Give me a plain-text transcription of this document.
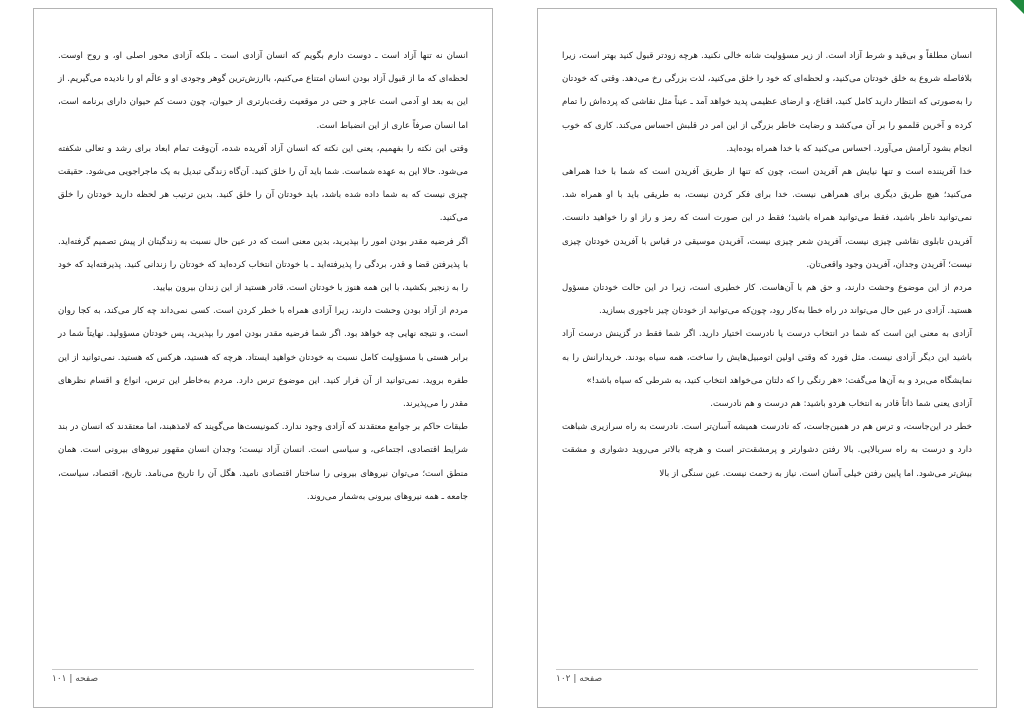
انسان نه تنها آزاد است ـ دوست دارم بگویم که انسان آزادی است ـ بلکه آزادی محور اصلی او، و روح اوست. لحظه‌ای که ما از قبول آزاد بودن انسان امتناع می‌کنیم، با‌ارزش‌ترین گوهر وجودی او و عالَم او را نادیده می‌گیریم. از این به بعد او آدمی است عاجز و حتی در موقعیت رقت‌بارتری از حیوان، چون دست کم حیوان دارای برنامه است، اما انسان صرفاً عاری از این انضباط است.

وقتی این نکته را بفهمیم، یعنی این نکته که انسان آزاد آفریده شده، آن‌وقت تمام ابعاد برای رشد و تعالی شکفته می‌شود. حالا این به عهده شماست. شما باید آن را خلق کنید. آن‌گاه زندگی تبدیل به یک ماجراجویی می‌شود. حقیقت چیزی نیست که به شما داده شده باشد، باید خودتان آن را خلق کنید. بدین ترتیب هر لحظه دارید خودتان را خلق می‌کنید.

اگر فرضیه مقدر بودن امور را بپذیرید، بدین معنی است که در عین حال نسبت به زندگیتان از پیش تصمیم گرفته‌اید. با پذیرفتن قضا و قدر، بردگی را پذیرفته‌اید ـ با خودتان انتخاب کرده‌اید که خودتان را زندانی کنید. پذیرفته‌اید که خود را به زنجیر بکشید، با این همه هنوز با خودتان است. قادر هستید از این زندان بیرون بیایید.

مردم از آزاد بودن وحشت دارند، زیرا آزادی همراه با خطر کردن است. کسی نمی‌داند چه کار می‌کند، به کجا روان است، و نتیجه نهایی چه خواهد بود. اگر شما فرضیه مقدر بودن امور را بپذیرید، پس خودتان مسؤولید. نهایتاً شما در برابر هستی با مسؤولیت کامل نسبت به خودتان خواهید ایستاد. هرچه که هستید، هرکس که هستید. نمی‌توانید از این طفره بروید. نمی‌توانید از آن فرار کنید. این موضوع ترس دارد. مردم به‌خاطر این ترس، انواع و اقسام نظرهای مقدر را می‌پذیرند.

طبقات حاکم بر جوامع معتقدند که آزادی وجود ندارد. کمونیست‌ها می‌گویند که لامذهبند، اما معتقدند که انسان در بند شرایط اقتصادی، اجتماعی، و سیاسی است. انسان آزاد نیست؛ وجدان انسان مقهور نیروهای بیرونی است. همان منطق است؛ می‌توان نیروهای بیرونی را ساختار اقتصادی نامید. هگل آن را تاریخ می‌نامد. تاریخ، اقتصاد، سیاست، جامعه ـ همه نیروهای بیرونی به‌شمار می‌روند.

صفحه | ۱۰۱

انسان مطلقاً و بی‌قید و شرط آزاد است. از زیر مسؤولیت شانه خالی نکنید. هرچه زودتر قبول کنید بهتر است، زیرا بلافاصله شروع به خلق خودتان می‌کنید، و لحظه‌ای که خود را خلق می‌کنید، لذت بزرگی رخ می‌دهد. وقتی که خودتان را به‌صورتی که انتظار دارید کامل کنید، اقناع، و ارضای عظیمی پدید خواهد آمد ـ عیناً مثل نقاشی که پرده‌اش را تمام کرده و آخرین قلممو را بر آن می‌کشد و رضایت خاطر بزرگی از این امر در قلبش احساس می‌کند. کاری که خوب انجام بشود آرامش می‌آورد. احساس می‌کنید که با خدا همراه بوده‌اید.

خدا آفریننده است و تنها نیایش هم آفریدن است، چون که تنها از طریق آفریدن است که شما با خدا همراهی می‌کنید؛ هیچ طریق دیگری برای همراهی نیست. خدا برای فکر کردن نیست، به طریقی باید با او همراه شد. نمی‌توانید ناظر باشید، فقط می‌توانید همراه باشید؛ فقط در این صورت است که رمز و راز او را خواهید دانست. آفریدن تابلوی نقاشی چیزی نیست، آفریدن شعر چیزی نیست، آفریدن موسیقی در قیاس با آفریدن خودتان چیزی نیست؛ آفریدن وجدان، آفریدن وجود واقعی‌تان.

مردم از این موضوع وحشت دارند، و حق هم با آن‌هاست. کار خطیری است، زیرا در این حالت خودتان مسؤول هستید. آزادی در عین حال می‌تواند در راه خطا به‌کار رود، چون‌که می‌توانید از خودتان چیز ناجوری بسازید.

آزادی به معنی این است که شما در انتخاب درست یا نادرست اختیار دارید. اگر شما فقط در گزینش درست آزاد باشید این دیگر آزادی نیست. مثل فورد که وقتی اولین اتومبیل‌هایش را ساخت، همه سیاه بودند. خریدارانش را به نمایشگاه می‌برد و به آن‌ها می‌گفت: «هر رنگی را که دلتان می‌خواهد انتخاب کنید، به شرطی که سیاه باشد!»

آزادی یعنی شما ذاتاً قادر به انتخاب هردو باشید: هم درست و هم نادرست.

خطر در این‌جاست، و ترس هم در همین‌جاست، که نادرست همیشه آسان‌تر است. نادرست به راه سرازیری شباهت دارد و درست به راه سربالایی. بالا رفتن دشوارتر و پرمشقت‌تر است و هرچه بالاتر می‌روید دشواری و مشقت بیش‌تر می‌شود. اما پایین رفتن خیلی آسان است. نیاز به زحمت نیست. عین سنگی از بالا

صفحه | ۱۰۲
